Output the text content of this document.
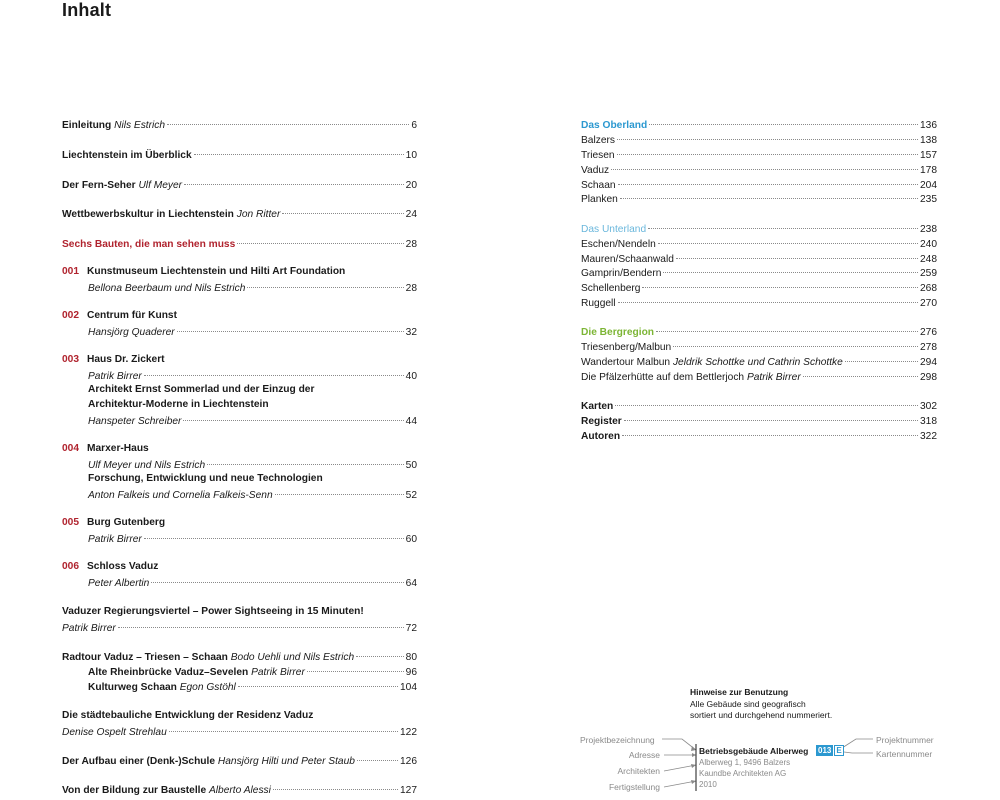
Inhalt
Einleitung Nils Estrich	6
Liechtenstein im Überblick	10
Der Fern-Seher Ulf Meyer	20
Wettbewerbskultur in Liechtenstein Jon Ritter	24
Sechs Bauten, die man sehen muss	28
001 Kunstmuseum Liechtenstein und Hilti Art Foundation
Bellona Beerbaum und Nils Estrich	28
002 Centrum für Kunst
Hansjörg Quaderer	32
003 Haus Dr. Zickert
Patrik Birrer	40
Architekt Ernst Sommerlad und der Einzug der
Architektur-Moderne in Liechtenstein
Hanspeter Schreiber	44
004 Marxer-Haus
Ulf Meyer und Nils Estrich	50
Forschung, Entwicklung und neue Technologien
Anton Falkeis und Cornelia Falkeis-Senn	52
005 Burg Gutenberg
Patrik Birrer	60
006 Schloss Vaduz
Peter Albertin	64
Vaduzer Regierungsviertel – Power Sightseeing in 15 Minuten!
Patrik Birrer	72
Radtour Vaduz – Triesen – Schaan Bodo Uehli und Nils Estrich	80
Alte Rheinbrücke Vaduz–Sevelen Patrik Birrer	96
Kulturweg Schaan Egon Gstöhl	104
Die städtebauliche Entwicklung der Residenz Vaduz
Denise Ospelt Strehlau	122
Der Aufbau einer (Denk-)Schule Hansjörg Hilti und Peter Staub	126
Von der Bildung zur Baustelle Alberto Alessi	127
Das Oberland	136
Balzers	138
Triesen	157
Vaduz	178
Schaan	204
Planken	235
Das Unterland	238
Eschen/Nendeln	240
Mauren/Schaanwald	248
Gamprin/Bendern	259
Schellenberg	268
Ruggell	270
Die Bergregion	276
Triesenberg/Malbun	278
Wandertour Malbun Jeldrik Schottke und Cathrin Schottke	294
Die Pfälzerhütte auf dem Bettlerjoch Patrik Birrer	298
Karten	302
Register	318
Autoren	322
Hinweise zur Benutzung
Alle Gebäude sind geografisch
sortiert und durchgehend nummeriert.
Projektbezeichnung
Adresse
Architekten
Fertigstellung
Projektnummer
Kartennummer
Betriebsgebäude Alberweg
Alberweg 1, 9496 Balzers
Kaundbe Architekten AG
2010
013 E
